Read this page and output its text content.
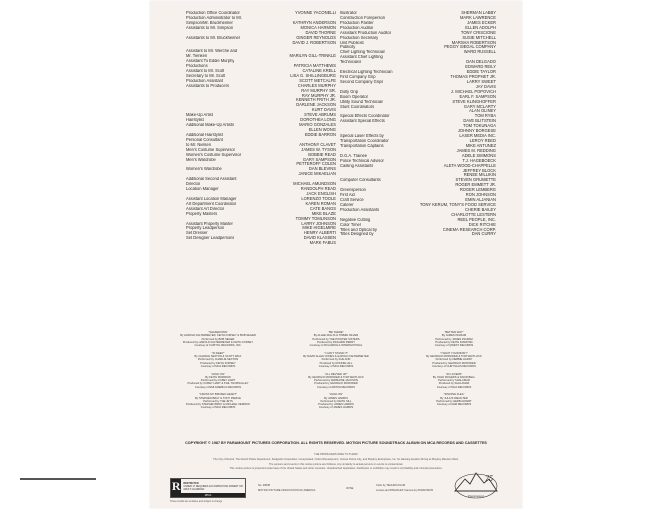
Production Office Coordinator	YVONNE YACONELLI
Production Administrator to Mr.
Simpson/Mr. Bruckheimer	KATHRYN ANDERSON
Assistants to Mr. Simpson	MONICA HARMON
DAVID THORNE
Assistants to Mr. Bruckheimer	GINGER REYNOLDS
DAVID J. ROBERTSON
Assistant to Mr. Werche and
Mr. Tienken	MARILYN GILL-TRINKLE
Assistant To Eddie Murphy
Productions	PATRICIA MATTHEWS
Assistant to Mr. Scott	CATALINE KRELL
Secretary to Mr. Scott	LISA G. SHILLINGBURG
Production Assistant	SCOTT METCALFE
Assistants to Producers	CHARLES MURPHY
RAY MURPHY SR.
RAY MURPHY JR.
KENNETH FRITH JR.
DARLENE JACKSON
KURT DAVIS
Make-Up Artist	STEVE ABRUMS
Hairstylist	DOROTHEA LONG
Additional Make-Up Artists	MARIO GONZALES
ELLEN WONG
Additional Hairstylist	EDDIE BARRON
Personal Consultant
to Mr. Nielsen	ANTHONY CLAVET
Men's Costume Supervisor	JAMES W. TYSON
Women's Costume Supervisor	BOBBIE READ
Men's Wardrobe	GARY SAMPSON
PETTEROFF COLEN
Women's Wardrobe	DAN BLEVINS
JANICE MIKAELIAN
Additional Second Assistant
Director	MICHAEL AMUNDSON
Location Manager	RANDOLPH READ
JACK ENGLISH
Assistant Location Manager	LORENZO TOOLE
Art Department Coordinator	KAREN ROMAN
Assistant Art Director	CATE BANGS
Property Masters	MIKE BLAZE
TOMMY TOMLINSON
Assistant Property Master	LARRY JOHNSON
Property Leadperson	MIKE HIGELMIRE
Set Dresser	HENRY ALBERTI
Set Designer Leadpersons	DAVID KLASSEN
MARK FABUS
Illustrator	SHERMAN LABBY
Construction Foreperson	MARK LAWRENCE
Production Painter	JAMES ECKER
Production Auditor	ELLEN ADOLPH
Assistant Production Auditor	TONY CRISCIONE
Production Secretary	SUSIE MITCHELL
Unit Publicist	MARSHA ROBERTSON
Publicity	PEGGY SIEGAL COMPANY
Chief Lighting Technician	WARD RUSSELL
Assistant Chief Lighting
Technicians	DAN DELGADO
EDWARD REILY
Electrical Lighting Technician	EDDIE TAYLOR
First Company Grip	THOMAS PROPHET JR.
Second Company Grips	LARRY SWEET
JAY DAVIS
Dolly Grip	J. MICHAEL POPOVICH
Boom Operator	EARL F. SAMPSON
Utility Sound Technician	STEVE KLINGHOFFER
Stunt Coordinators	GARY MCLARTY
ALAN OLINEY
Special Effects Coordinator	TOM RYBA
Assistant Special Effects	DAVE BLITSTEIN
TOM TOKUNAGA
JOHNNY BORGESE
Special Laser Effects by	LASER MEDIA INC.
Transportation Coordinator	LEROY REED
Transportation Captains	MIKE ANTUNEZ
JAMES M. REDDING
D.G.A. Trainee	ADELE SIMMONS
Police Technical Advisor	T.J. HAGEBOECK
Casting Assistants	ALETA WOOD-CHAPPELLE
JEFFREY BLOCK
RENEE MILLIKIN
Computer Consultants	STEVEN GRUMETTE
ROGER EMMETT JR.
Greensperson	ROGER LEMBERG
First Aid	RON JOHNSON
Craft Service	EMIN ALJANIAN
Caterer	TONY KERUM, TONY'S FOOD SERVICE
Production Assistants	CHERIE BAILEY
CHARLOTTE LESTERN
Negative Cutting	REEL PEOPLE, INC.
Color Timer	DICK RITCHIE
Titles and Optical by	CINEMA RESEARCH CORP.
Titles Designed by	DAN CURRY
"SHAKEDOWN"
By HAROLD FALTERMEYER, KEITH FORSEY & BOB SEGER
Performed by BOB SEGER
Produced by HAROLD FALTERMEYER & KEITH FORSEY
Courtesy of CAPITOL RECORDS, INC.
"IN DEEP"
By CHARLIE SEXTON & SCOTT WILK
Performed by CHARLIE SEXTON
Produced by KEITH FORSEY
Courtesy of MCA RECORDS
"HOLD ON"
By KEITH MORROW
Performed by COREY HART
Produced by COREY HART & PHIL THORNALLEY
Courtesy of EMI AMERICA RECORDS
"CROSS MY BROKEN HEART"
By STEPHEN BRAY & TONY PIERCE
Performed by THE JETS
Produced by STEPHEN BRAY & MICHAEL VERDICK
Courtesy of MCA RECORDS
"BE THERE"
By ALLEE WILLIS & TIMMIE SILVER
Performed by THE POINTER SISTERS
Produced by RICHARD PERRY
Courtesy of RCA/ARIOLA INTERNATIONAL
"I CAN'T STAND IT"
By DAVID ALLEN JONES & HAROLD FALTERMEYER
Performed by SUE ANN
Produced by RONNIE HILL
Courtesy of MCA RECORDS
"ALL REVVED UP"
By GEORGIO MORODER & TOM WHITLOCK
Performed by JERMAINE JACKSON
Produced by GEORGIO MORODER
Courtesy of ARISTA RECORDS
"HOLD ON"
By JAMES HARRIS
Performed by KEITH SILL
Produced by JAMES HARRIS
Courtesy of JAMES HARRIS
"BETTER WAY"
By JAMES INGRAM
Performed by JAMES INGRAM
Produced by KEITH DIAMOND
Courtesy of QWEST RECORDS
"I WANT YOUR BODY"
By GEORGIO MORODER & TOM WHITLOCK
Performed by DEBBIE HARRY
Produced by GEORGIO MORODER
Courtesy of CHRYSALIS RECORDS
"20 LOVERS"
By JOHN ROGERS & DAVID BELL
Performed by SHALAMAR
Produced by SHALAMAR
Courtesy of MCA RECORDS
"SPANISH FLEA"
By JULIUS WECHTER
Performed by HERB ALPERT
Courtesy of A&M RECORDS
COPYRIGHT © 1987 BY PARAMOUNT PICTURES CORPORATION. ALL RIGHTS RESERVED. MOTION PICTURE SOUNDTRACK ALBUM ON MCA RECORDS AND CASSETTES

THE PRODUCERS WISH TO THANK

The City of Detroit, The Detroit Police Department, Sedgwick Corporation, Incorporated, Oxford Development, Grosse Pointe City, and Playboy Enterprises, Inc. for allowing location filming at Playboy Mansion West.

The persons and events in this motion picture are fictitious. Any similarity to actual persons or events is unintentional.

This motion picture is protected under laws of the United States and other countries. Unauthorized duplication, distribution or exhibition may result in civil liability and criminal prosecution.

R	RESTRICTED
UNDER 17 REQUIRES ACCOMPANYING PARENT OR ADULT GUARDIAN
MPAA
These credits are tentative and subject to change
No. 28638
MOTION PICTURE ASSOCIATION OF AMERICA
IATSE
Color by TECHNICOLOR
Lenses and PANAFLEX Camera by PANAVISION
75
Paramount
